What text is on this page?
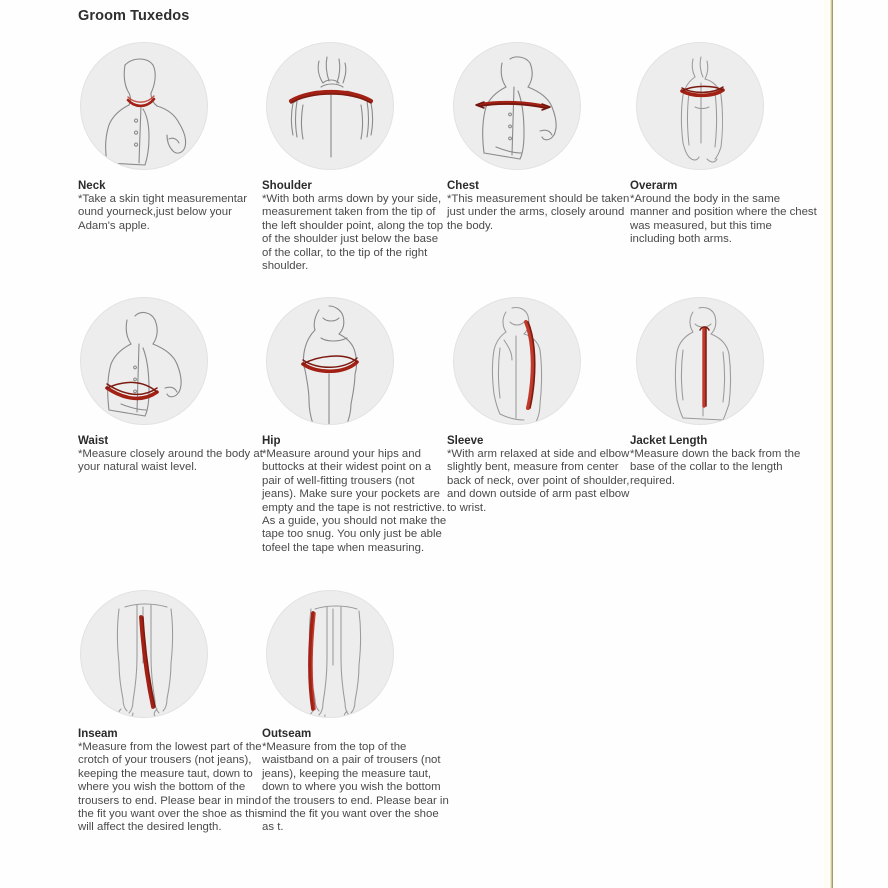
Groom Tuxedos
Neck
*Take a skin tight measurementar ound yourneck,just below your Adam's apple.
Shoulder
*With both arms down by your side, measurement taken from the tip of the left shoulder point, along the top of the shoulder just below the base of the collar, to the tip of the right shoulder.
Chest
*This measurement should be taken just under the arms, closely around the body.
Overarm
*Around the body in the same manner and position where the chest was measured, but this time including both arms.
Waist
*Measure closely around the body at your natural waist level.
Hip
*Measure around your hips and buttocks at their widest point on a pair of well-fitting trousers (not jeans). Make sure your pockets are empty and the tape is not restrictive. As a guide, you should not make the tape too snug. You only just be able tofeel the tape when measuring.
Sleeve
*With arm relaxed at side and elbow slightly bent, measure from center back of neck, over point of shoulder, and down outside of arm past elbow to wrist.
Jacket Length
*Measure down the back from the base of the collar to the length required.
Inseam
*Measure from the lowest part of the crotch of your trousers (not jeans), keeping the measure taut, down to where you wish the bottom of the trousers to end. Please bear in mind the fit you want over the shoe as this will affect the desired length.
Outseam
*Measure from the top of the waistband on a pair of trousers (not jeans), keeping the measure taut, down to where you wish the bottom of the trousers to end. Please bear in mind the fit you want over the shoe as t.
